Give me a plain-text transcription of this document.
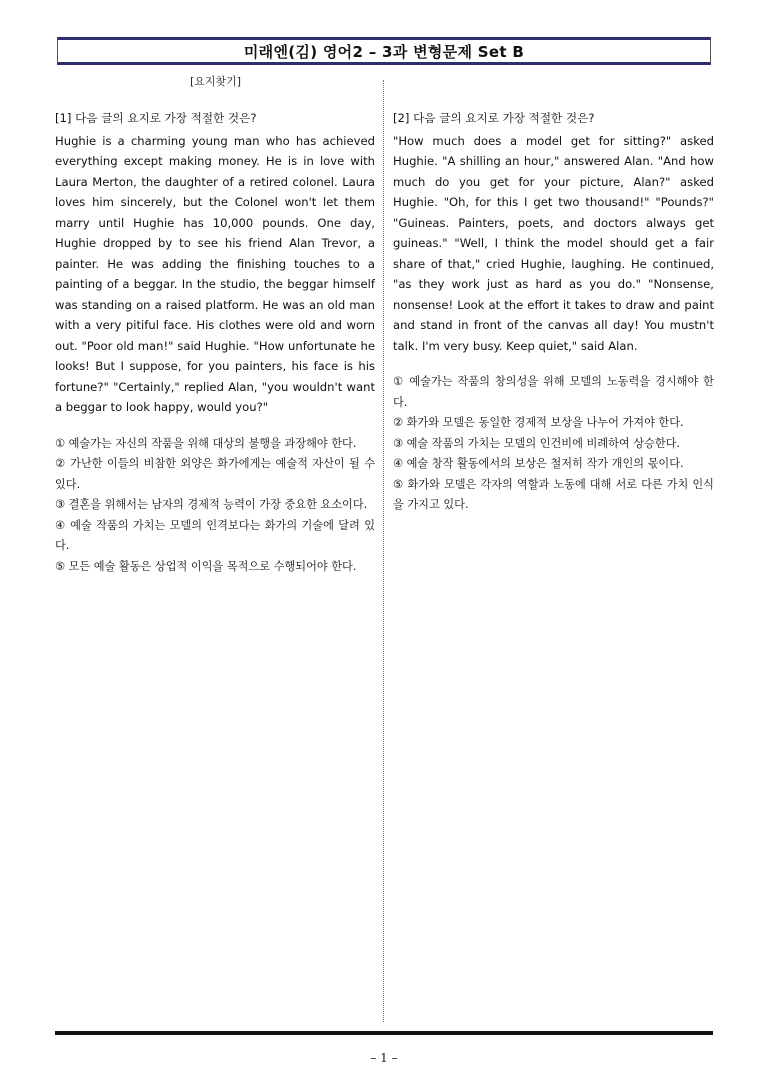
미래엔(김) 영어2 – 3과 변형문제 Set B
[요지찾기]

[1] 다음 글의 요지로 가장 적절한 것은?

Hughie is a charming young man who has achieved everything except making money. He is in love with Laura Merton, the daughter of a retired colonel. Laura loves him sincerely, but the Colonel won't let them marry until Hughie has 10,000 pounds. One day, Hughie dropped by to see his friend Alan Trevor, a painter. He was adding the finishing touches to a painting of a beggar. In the studio, the beggar himself was standing on a raised platform. He was an old man with a very pitiful face. His clothes were old and worn out. "Poor old man!" said Hughie. "How unfortunate he looks! But I suppose, for you painters, his face is his fortune?" "Certainly," replied Alan, "you wouldn't want a beggar to look happy, would you?"

① 예술가는 자신의 작품을 위해 대상의 불행을 과장해야 한다.
② 가난한 이들의 비참한 외양은 화가에게는 예술적 자산이 될 수 있다.
③ 결혼을 위해서는 남자의 경제적 능력이 가장 중요한 요소이다.
④ 예술 작품의 가치는 모델의 인격보다는 화가의 기술에 달려 있다.
⑤ 모든 예술 활동은 상업적 이익을 목적으로 수행되어야 한다.

[2] 다음 글의 요지로 가장 적절한 것은?

"How much does a model get for sitting?" asked Hughie. "A shilling an hour," answered Alan. "And how much do you get for your picture, Alan?" asked Hughie. "Oh, for this I get two thousand!" "Pounds?" "Guineas. Painters, poets, and doctors always get guineas." "Well, I think the model should get a fair share of that," cried Hughie, laughing. He continued, "as they work just as hard as you do." "Nonsense, nonsense! Look at the effort it takes to draw and paint and stand in front of the canvas all day! You mustn't talk. I'm very busy. Keep quiet," said Alan.

① 예술가는 작품의 창의성을 위해 모델의 노동력을 경시해야 한다.
② 화가와 모델은 동일한 경제적 보상을 나누어 가져야 한다.
③ 예술 작품의 가치는 모델의 인건비에 비례하여 상승한다.
④ 예술 창작 활동에서의 보상은 철저히 작가 개인의 몫이다.
⑤ 화가와 모델은 각자의 역할과 노동에 대해 서로 다른 가치 인식을 가지고 있다.
– 1 –
